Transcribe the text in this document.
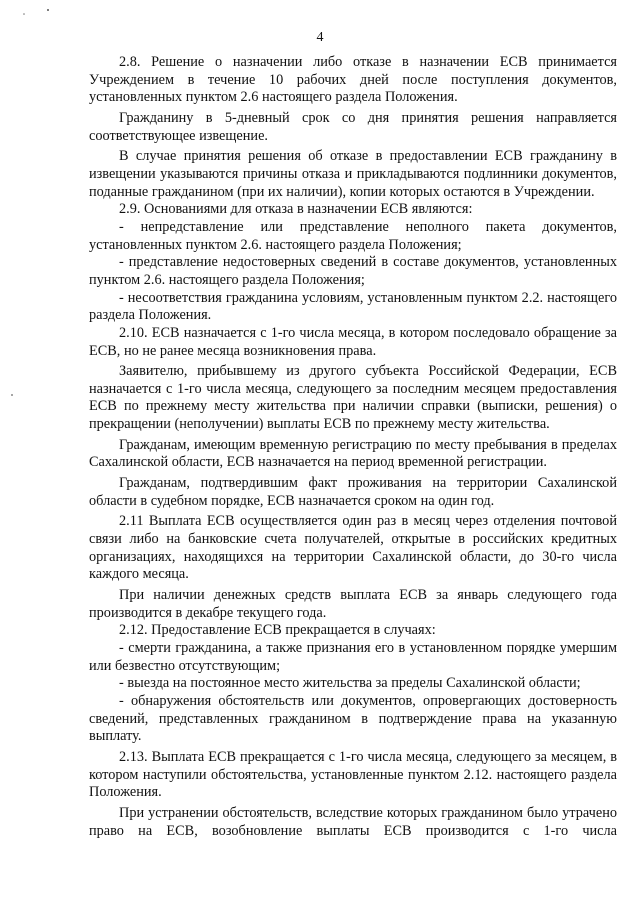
4

2.8. Решение о назначении либо отказе в назначении ЕСВ принимается Учреждением в течение 10 рабочих дней после поступления документов, установленных пунктом 2.6 настоящего раздела Положения.

Гражданину в 5-дневный срок со дня принятия решения направляется соответствующее извещение.

В случае принятия решения об отказе в предоставлении ЕСВ гражданину в извещении указываются причины отказа и прикладываются подлинники документов, поданные гражданином (при их наличии), копии которых остаются в Учреждении.

2.9. Основаниями для отказа в назначении ЕСВ являются:

- непредставление или представление неполного пакета документов, установленных пунктом 2.6. настоящего раздела Положения;

- представление недостоверных сведений в составе документов, установленных пунктом 2.6. настоящего раздела Положения;

- несоответствия гражданина условиям, установленным пунктом 2.2. настоящего раздела Положения.

2.10. ЕСВ назначается с 1-го числа месяца, в котором последовало обращение за ЕСВ, но не ранее месяца возникновения права.

Заявителю, прибывшему из другого субъекта Российской Федерации, ЕСВ назначается с 1-го числа месяца, следующего за последним месяцем предоставления ЕСВ по прежнему месту жительства при наличии справки (выписки, решения) о прекращении (неполучении) выплаты ЕСВ по прежнему месту жительства.

Гражданам, имеющим временную регистрацию по месту пребывания в пределах Сахалинской области, ЕСВ назначается на период временной регистрации.

Гражданам, подтвердившим факт проживания на территории Сахалинской области в судебном порядке, ЕСВ назначается сроком на один год.

2.11 Выплата ЕСВ осуществляется один раз в месяц через отделения почтовой связи либо на банковские счета получателей, открытые в российских кредитных организациях, находящихся на территории Сахалинской области, до 30-го числа каждого месяца.

При наличии денежных средств выплата ЕСВ за январь следующего года производится в декабре текущего года.

2.12. Предоставление ЕСВ прекращается в случаях:

- смерти гражданина, а также признания его в установленном порядке умершим или безвестно отсутствующим;

- выезда на постоянное место жительства за пределы Сахалинской области;

- обнаружения обстоятельств или документов, опровергающих достоверность сведений, представленных гражданином в подтверждение права на указанную выплату.

2.13. Выплата ЕСВ прекращается с 1-го числа месяца, следующего за месяцем, в котором наступили обстоятельства, установленные пунктом 2.12. настоящего раздела Положения.

При устранении обстоятельств, вследствие которых гражданином было утрачено право на ЕСВ, возобновление выплаты ЕСВ производится с 1-го числа
